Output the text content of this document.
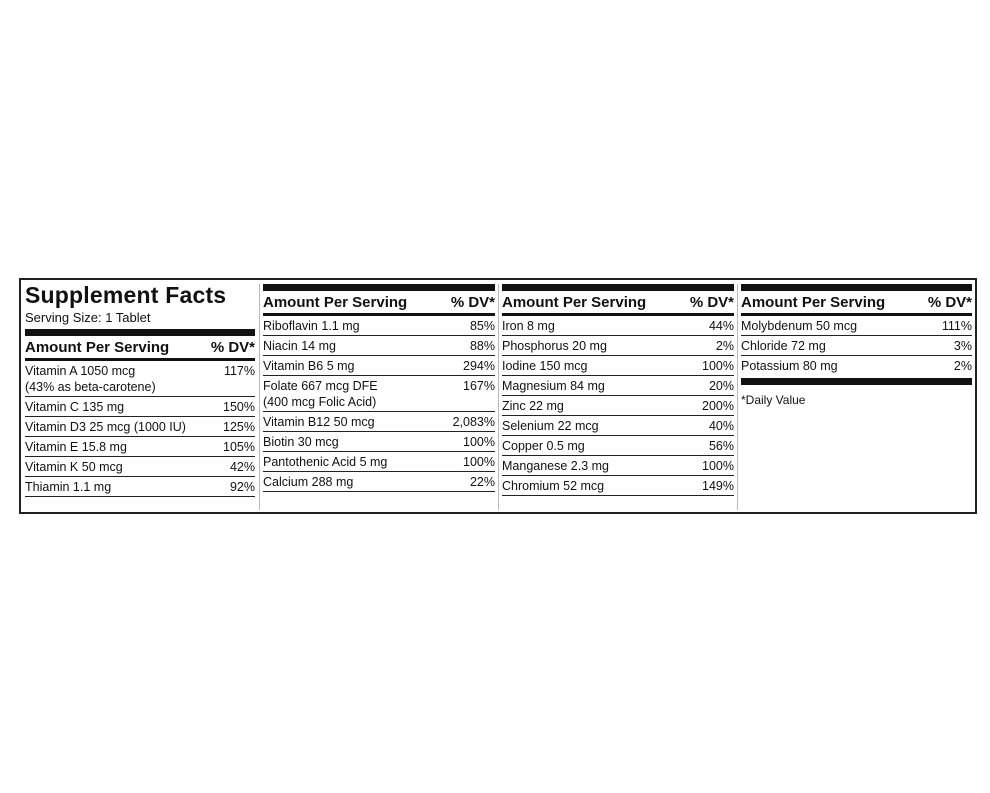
Supplement Facts
Serving Size: 1 Tablet
Amount Per Serving	% DV*
Vitamin A 1050 mcg
(43% as beta-carotene)
117%
Vitamin C 135 mg	150%
Vitamin D3 25 mcg (1000 IU)	125%
Vitamin E 15.8 mg	105%
Vitamin K 50 mcg	42%
Thiamin 1.1 mg	92%
Amount Per Serving	% DV*
Riboflavin 1.1 mg	85%
Niacin 14 mg	88%
Vitamin B6 5 mg	294%
Folate 667 mcg DFE
(400 mcg Folic Acid)
167%
Vitamin B12 50 mcg	2,083%
Biotin 30 mcg	100%
Pantothenic Acid 5 mg	100%
Calcium 288 mg	22%
Amount Per Serving	% DV*
Iron 8 mg	44%
Phosphorus 20 mg	2%
Iodine 150 mcg	100%
Magnesium 84 mg	20%
Zinc 22 mg	200%
Selenium 22 mcg	40%
Copper 0.5 mg	56%
Manganese 2.3 mg	100%
Chromium 52 mcg	149%
Amount Per Serving	% DV*
Molybdenum 50 mcg	111%
Chloride 72 mg	3%
Potassium 80 mg	2%
*Daily Value
